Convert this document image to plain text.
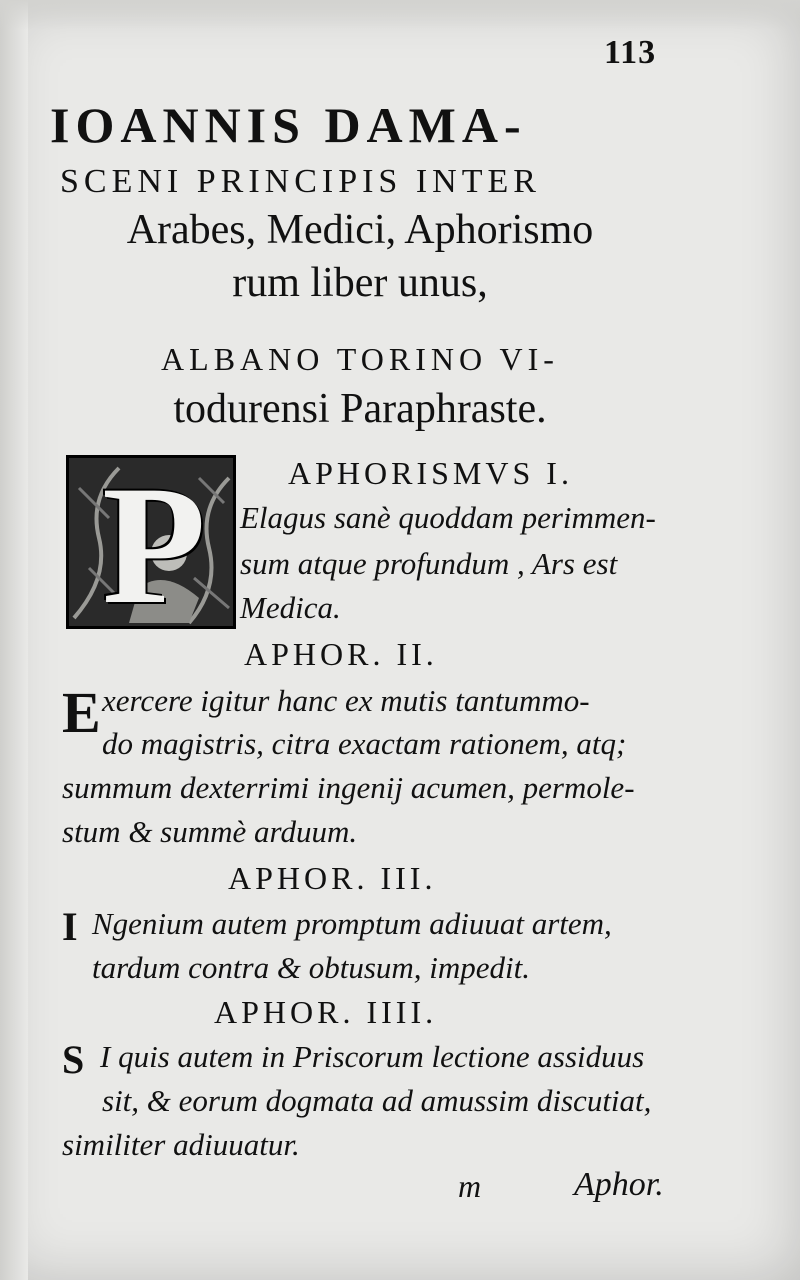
113
IOANNIS DAMA-
SCENI PRINCIPIS INTER
Arabes, Medici, Aphorismo
rum liber unus,
ALBANO TORINO VI-
todurensi Paraphraste.
P	APHORISMVS I.
Elagus sanè quoddam perimmen-
sum atque profundum , Ars est
Medica.
APHOR. II.
E xercere igitur hanc ex mutis tantummo-
do magistris, citra exactam rationem, atq;
summum dexterrimi ingenij acumen, permole-
stum & summè arduum.
APHOR. III.
I Ngenium autem promptum adiuuat artem,
tardum contra & obtusum, impedit.
APHOR. IIII.
S I quis autem in Priscorum lectione assiduus
sit, & eorum dogmata ad amussim discutiat,
similiter adiuuatur.
m	Aphor.
